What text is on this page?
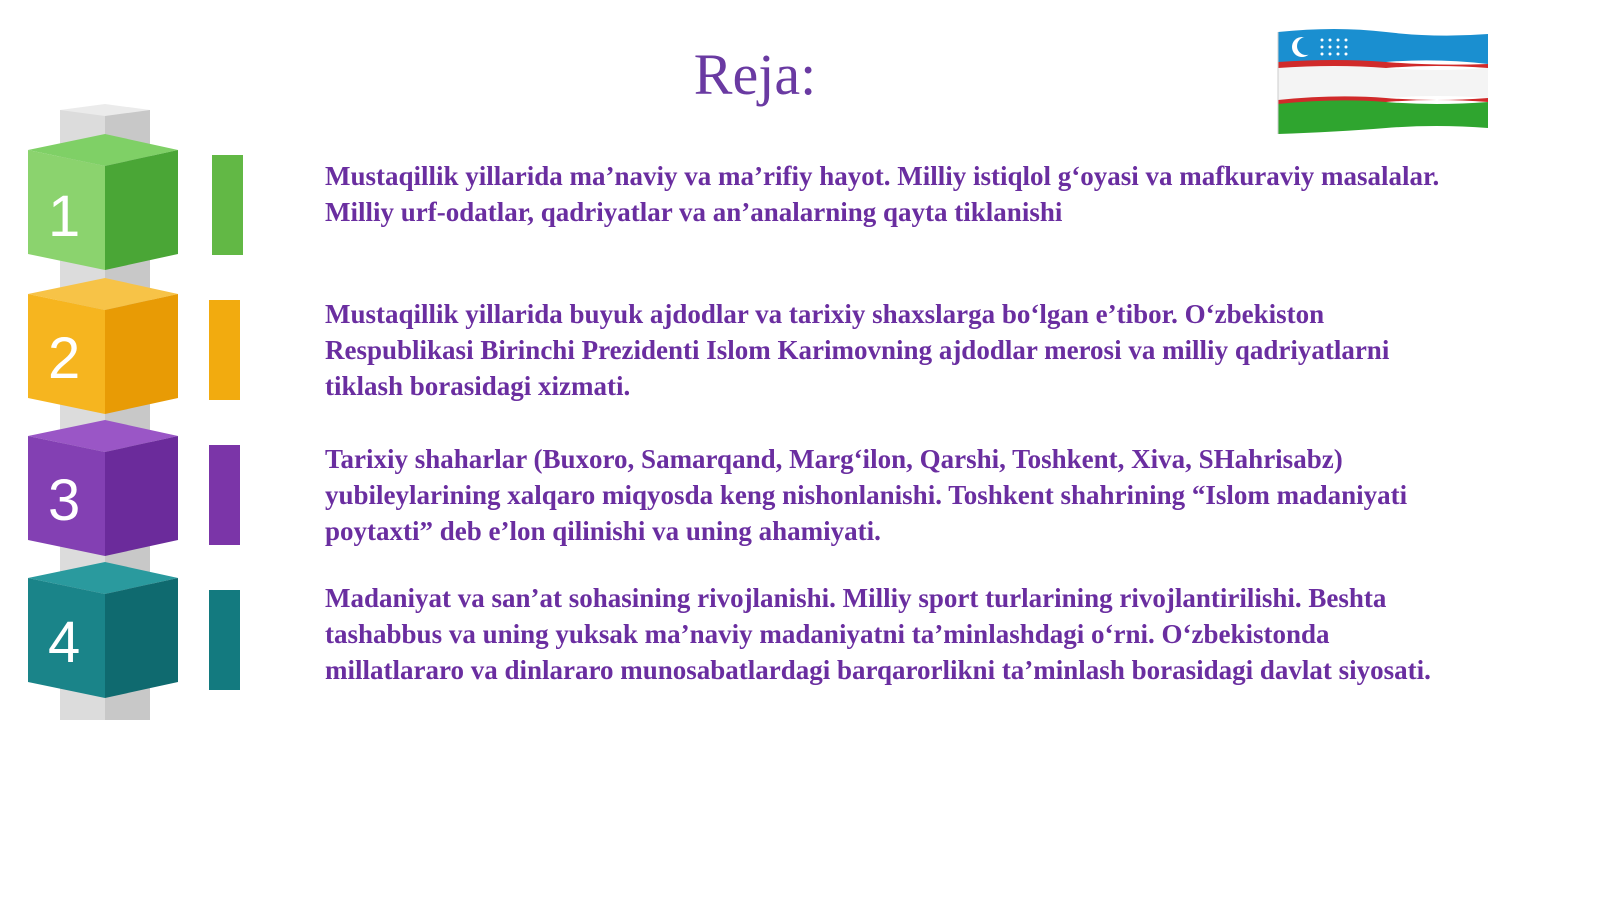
Reja:
1
2
3
4
Mustaqillik yillarida ma’naviy va ma’rifiy hayot. Milliy istiqlol g‘oyasi va mafkuraviy masalalar. Milliy urf-odatlar, qadriyatlar va an’analarning qayta tiklanishi
Mustaqillik yillarida buyuk ajdodlar va tarixiy shaxslarga bo‘lgan e’tibor. O‘zbekiston Respublikasi Birinchi Prezidenti Islom Karimovning ajdodlar merosi va milliy qadriyatlarni tiklash borasidagi xizmati.
Tarixiy shaharlar (Buxoro, Samarqand, Marg‘ilon, Qarshi, Toshkent, Xiva, SHahrisabz) yubileylarining xalqaro miqyosda keng nishonlanishi. Toshkent shahrining “Islom madaniyati poytaxti” deb e’lon qilinishi va uning ahamiyati.
Madaniyat va san’at sohasining rivojlanishi. Milliy sport turlarining rivojlantirilishi. Beshta tashabbus va uning yuksak ma’naviy madaniyatni ta’minlashdagi o‘rni. O‘zbekistonda millatlararo va dinlararo munosabatlardagi barqarorlikni ta’minlash borasidagi davlat siyosati.
